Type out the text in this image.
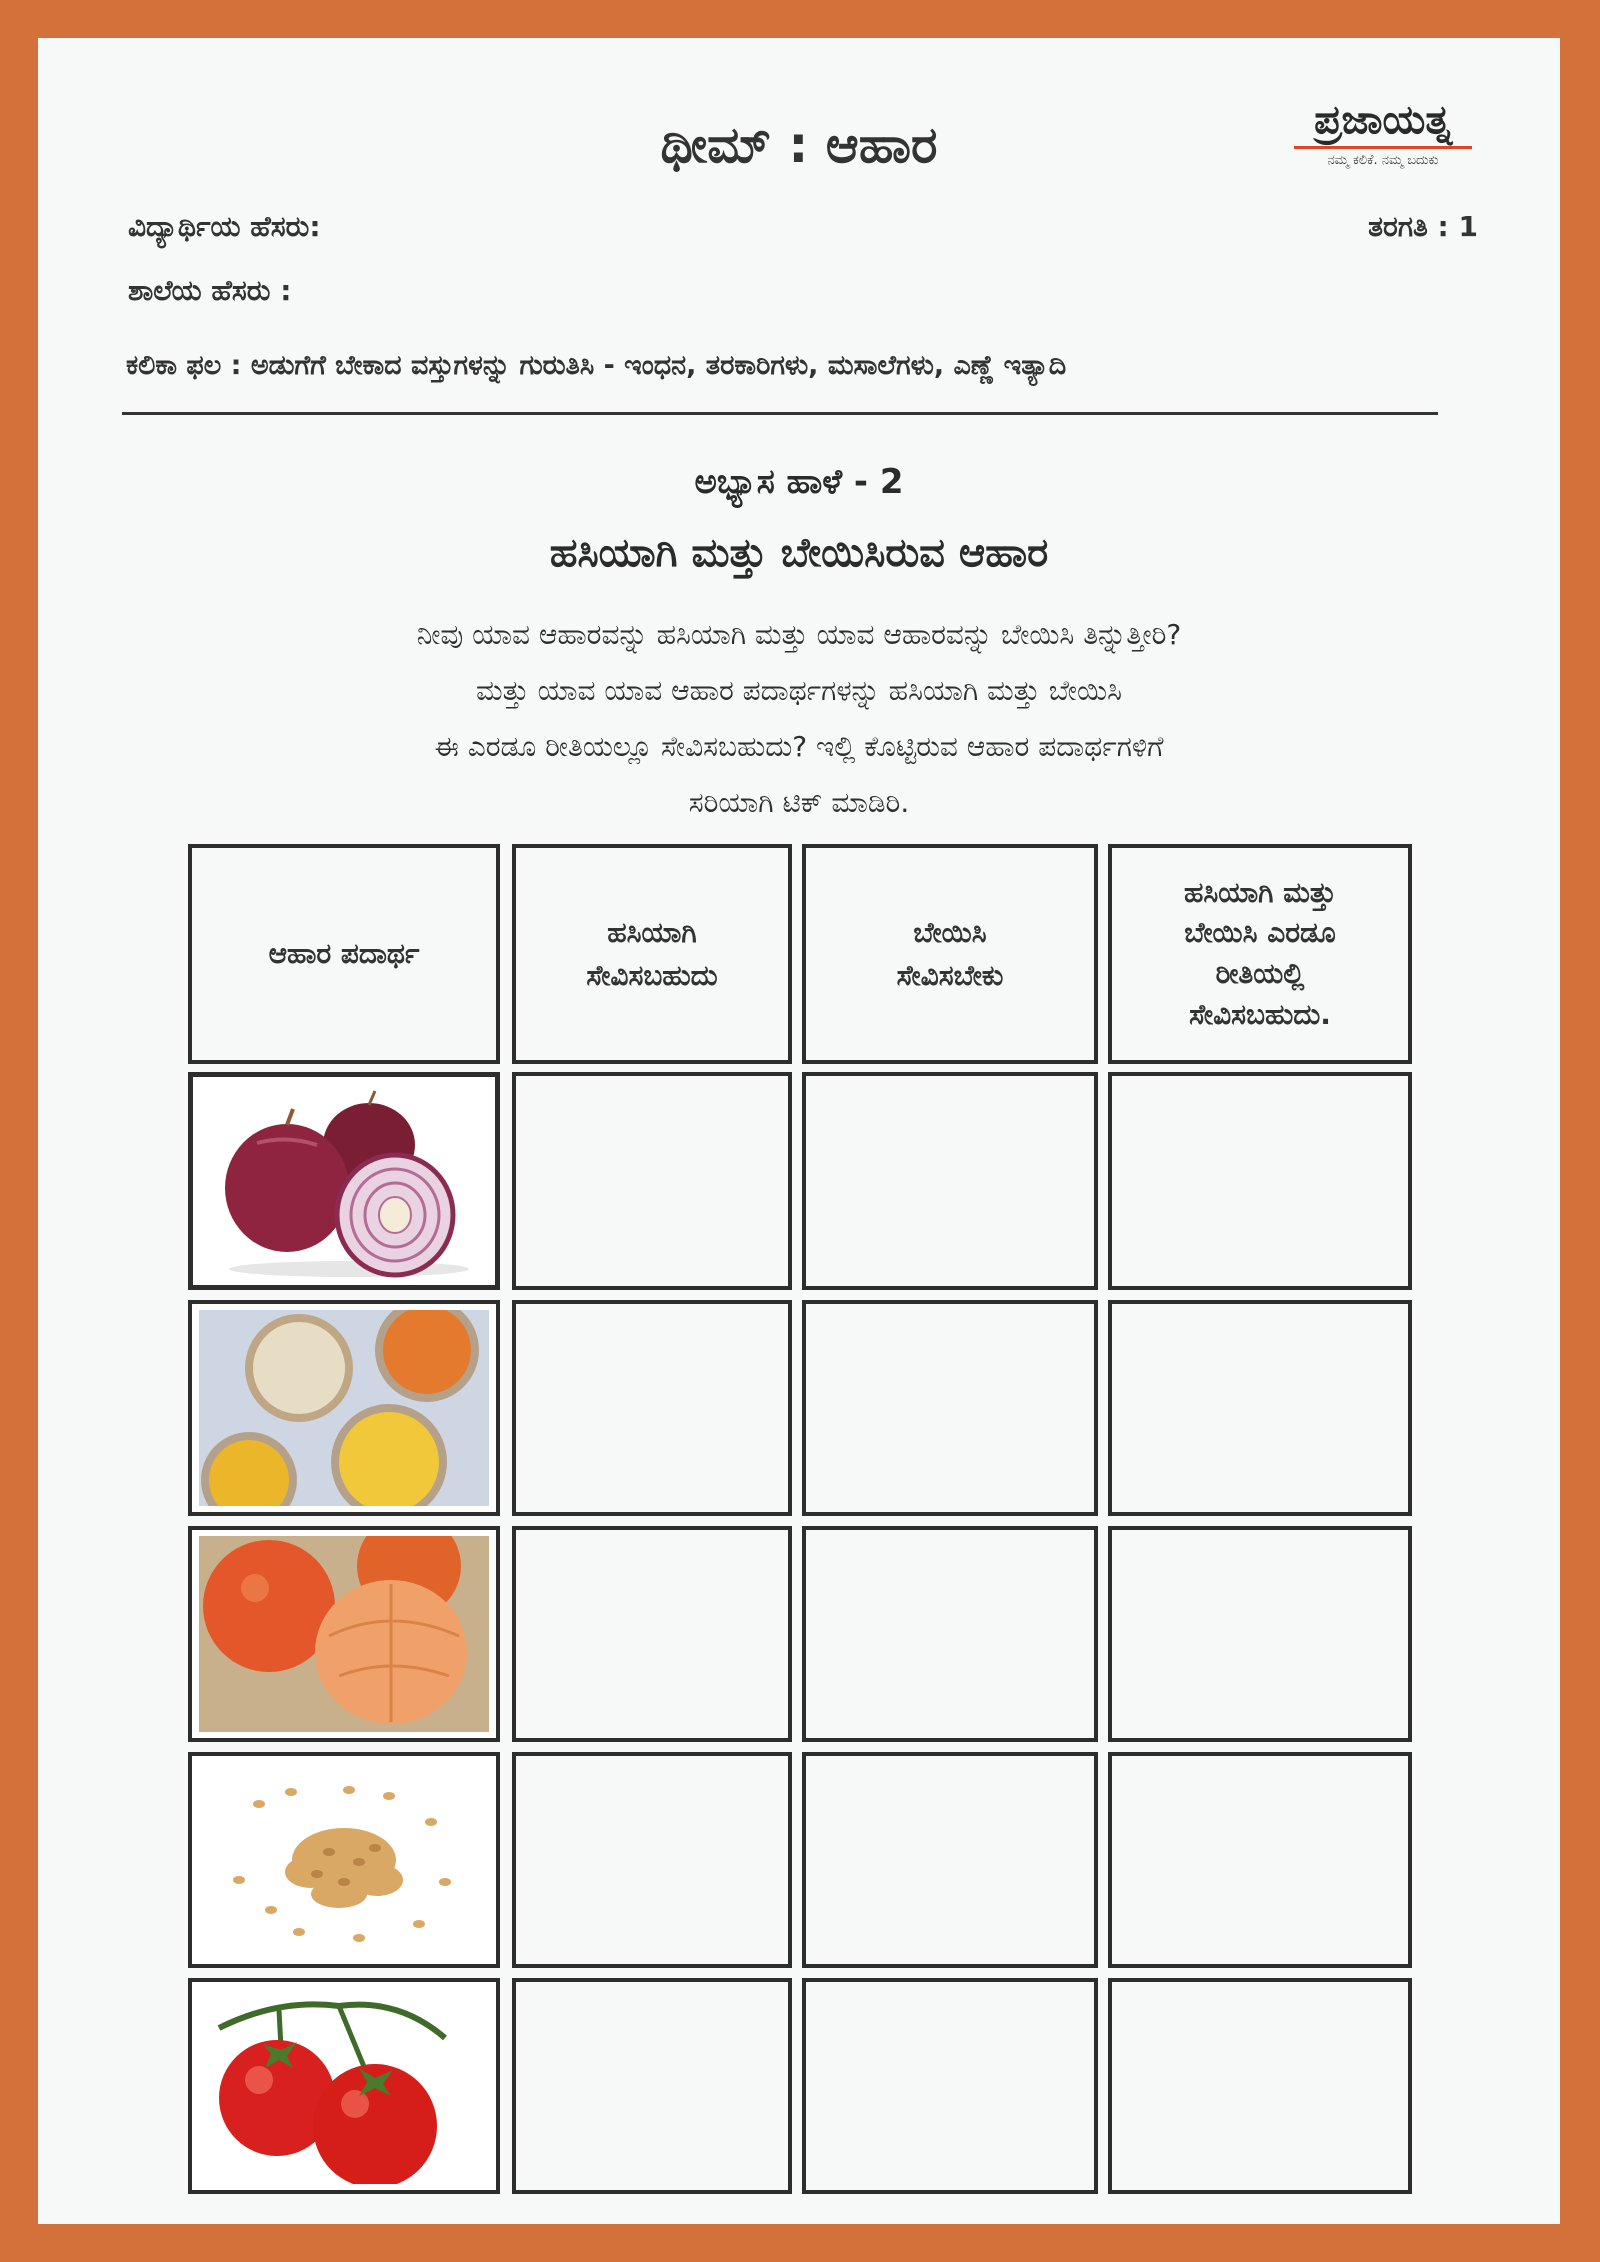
ಥೀಮ್ : ಆಹಾರ	ಪ್ರಜಾಯತ್ನ
ನಮ್ಮ ಕಲಿಕೆ. ನಮ್ಮ ಬದುಕು
ವಿದ್ಯಾರ್ಥಿಯ ಹೆಸರು:	ತರಗತಿ : 1
ಶಾಲೆಯ ಹೆಸರು :
ಕಲಿಕಾ ಫಲ : ಅಡುಗೆಗೆ ಬೇಕಾದ ವಸ್ತುಗಳನ್ನು ಗುರುತಿಸಿ - ಇಂಧನ, ತರಕಾರಿಗಳು, ಮಸಾಲೆಗಳು, ಎಣ್ಣೆ ಇತ್ಯಾದಿ
ಅಭ್ಯಾಸ ಹಾಳೆ - 2
ಹಸಿಯಾಗಿ ಮತ್ತು ಬೇಯಿಸಿರುವ ಆಹಾರ
ನೀವು ಯಾವ ಆಹಾರವನ್ನು ಹಸಿಯಾಗಿ ಮತ್ತು ಯಾವ ಆಹಾರವನ್ನು ಬೇಯಿಸಿ ತಿನ್ನುತ್ತೀರಿ?
ಮತ್ತು ಯಾವ ಯಾವ ಆಹಾರ ಪದಾರ್ಥಗಳನ್ನು ಹಸಿಯಾಗಿ ಮತ್ತು ಬೇಯಿಸಿ
ಈ ಎರಡೂ ರೀತಿಯಲ್ಲೂ ಸೇವಿಸಬಹುದು? ಇಲ್ಲಿ ಕೊಟ್ಟಿರುವ ಆಹಾರ ಪದಾರ್ಥಗಳಿಗೆ
ಸರಿಯಾಗಿ ಟಿಕ್ ಮಾಡಿರಿ.
ಆಹಾರ ಪದಾರ್ಥ
ಹಸಿಯಾಗಿ
ಸೇವಿಸಬಹುದು
ಬೇಯಿಸಿ
ಸೇವಿಸಬೇಕು
ಹಸಿಯಾಗಿ ಮತ್ತು
ಬೇಯಿಸಿ ಎರಡೂ
ರೀತಿಯಲ್ಲಿ
ಸೇವಿಸಬಹುದು.
